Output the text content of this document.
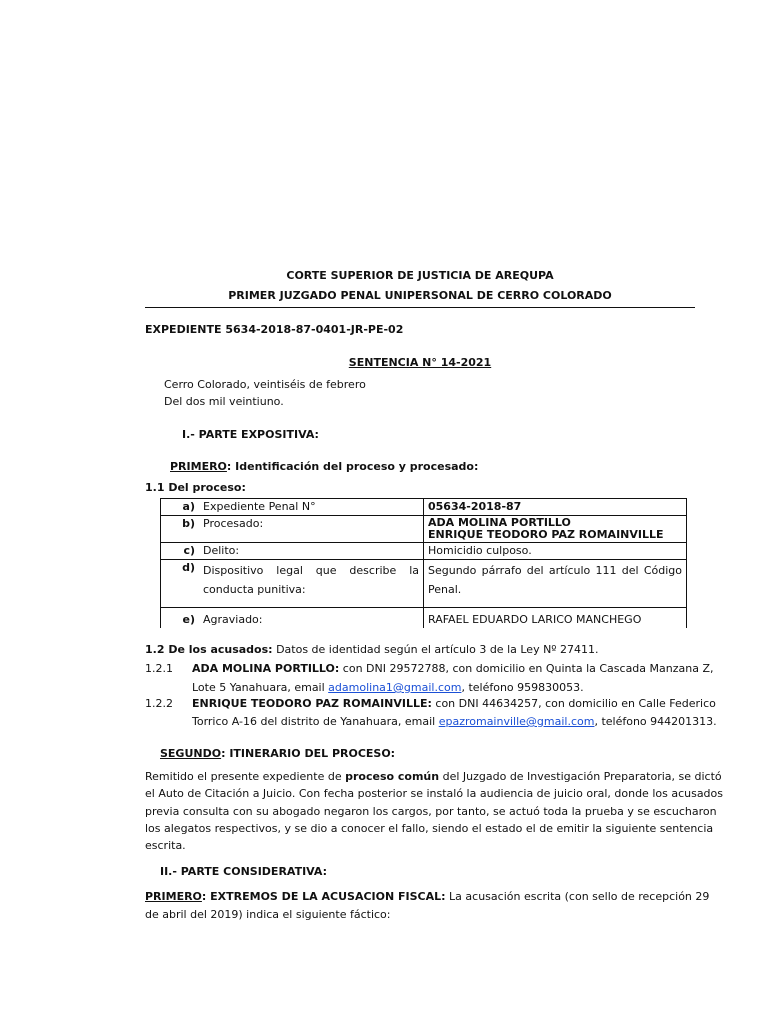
CORTE SUPERIOR DE JUSTICIA DE AREQUPA
PRIMER JUZGADO PENAL UNIPERSONAL DE CERRO COLORADO
EXPEDIENTE 5634-2018-87-0401-JR-PE-02
SENTENCIA N° 14-2021
Cerro Colorado, veintiséis de febrero
Del dos mil veintiuno.
I.- PARTE EXPOSITIVA:
PRIMERO: Identificación del proceso y procesado:
1.1 Del proceso:
a)	Expediente Penal N°	05634-2018-87
b)	Procesado:	ADA MOLINA PORTILLO
ENRIQUE TEODORO PAZ ROMAINVILLE

c)	Delito:	Homicidio culposo.
d)	Dispositivo legal que describe la conducta punitiva:	Segundo párrafo del artículo 111 del Código Penal.
e)	Agraviado:	RAFAEL EDUARDO LARICO MANCHEGO
1.2 De los acusados: Datos de identidad según el artículo 3 de la Ley Nº 27411.
1.2.1 ADA MOLINA PORTILLO: con DNI 29572788, con domicilio en Quinta la Cascada Manzana Z,
Lote 5 Yanahuara, email adamolina1@gmail.com, teléfono 959830053.
1.2.2 ENRIQUE TEODORO PAZ ROMAINVILLE: con DNI 44634257, con domicilio en Calle Federico
Torrico A-16 del distrito de Yanahuara, email epazromainville@gmail.com, teléfono 944201313.
SEGUNDO: ITINERARIO DEL PROCESO:
Remitido el presente expediente de proceso común del Juzgado de Investigación Preparatoria, se dictó
el Auto de Citación a Juicio. Con fecha posterior se instaló la audiencia de juicio oral, donde los acusados
previa consulta con su abogado negaron los cargos, por tanto, se actuó toda la prueba y se escucharon
los alegatos respectivos, y se dio a conocer el fallo, siendo el estado el de emitir la siguiente sentencia
escrita.
II.- PARTE CONSIDERATIVA:
PRIMERO: EXTREMOS DE LA ACUSACION FISCAL: La acusación escrita (con sello de recepción 29
de abril del 2019) indica el siguiente fáctico:
